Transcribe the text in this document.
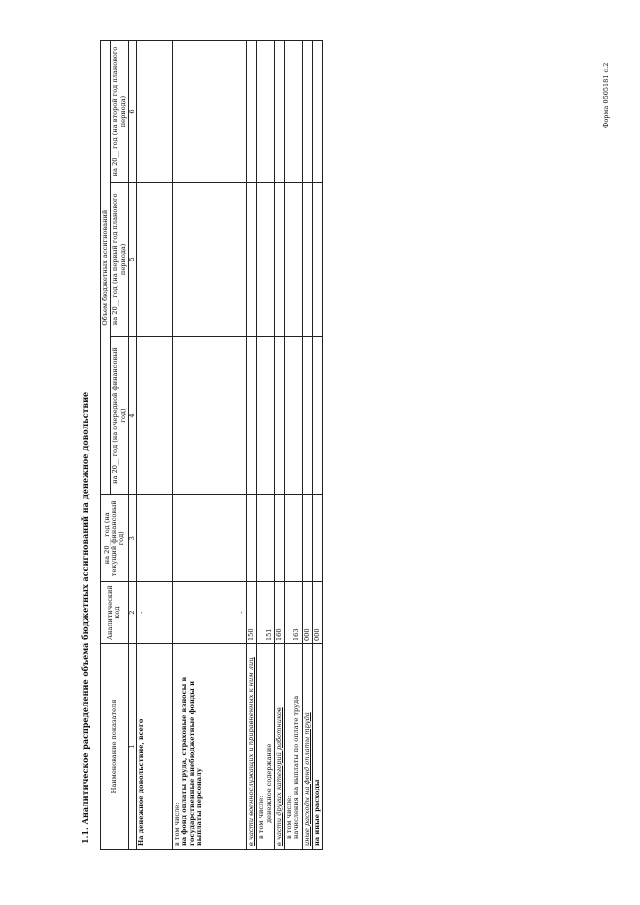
Форма 0505181 с.2
1.1. Аналитическое распределение объема бюджетных ассигнований на денежное довольствие	Наименование показателя	Аналитический код	на 20__ год (на текущий финансовый год)	Объем бюджетных ассигнований		
			на 20__ год (на очередной финансовый год)	на 20__ год (на первый год планового периода)	на 20__ год (на второй год планового периода)
1	2	3	4	5	6
На денежное довольствие, всего	-				

в том числе: на фонд оплаты труда, страховые взносы в государственные внебюджетные фонды и выплаты персоналу	-				
в части военнослужащих и приравненных к ним лиц	150				

в том числе: денежное содержание	151				
в части других категорий работников	160				

в том числе: начисления на выплаты по оплате труда	163				
иные расходы на фонд оплаты труда	000				
на иные расходы	000				
